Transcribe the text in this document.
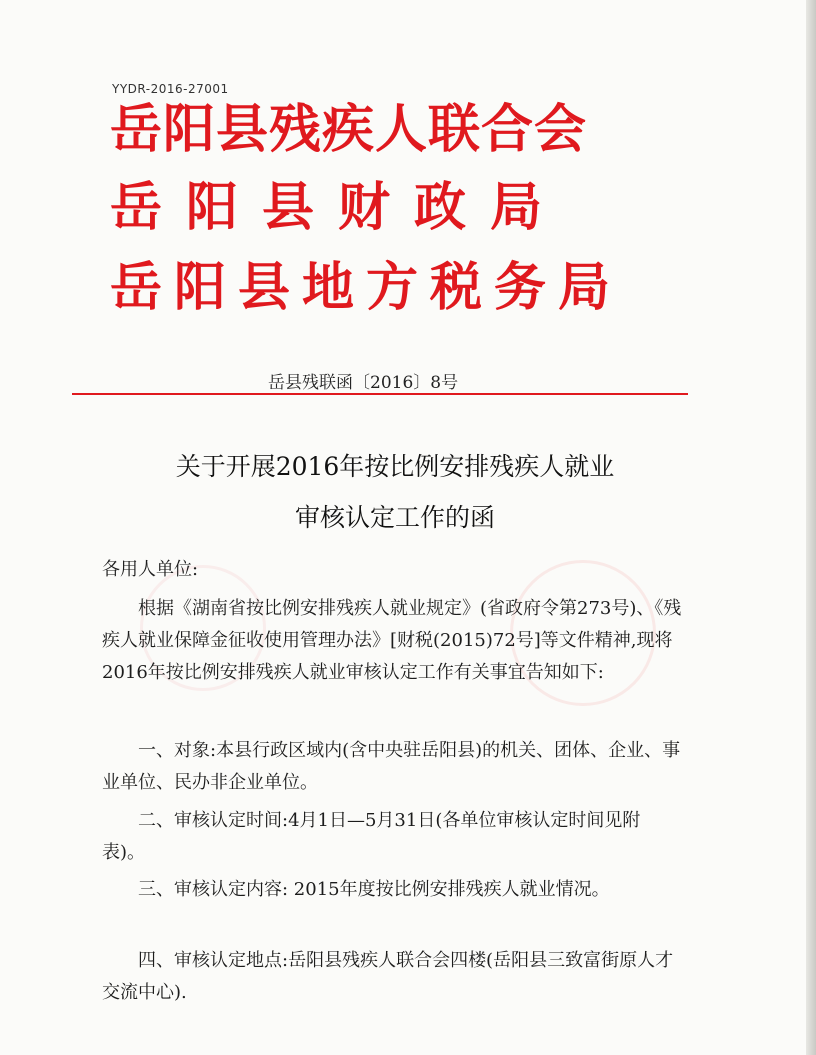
YYDR-2016-27001
岳阳县残疾人联合会
岳阳县财政局
岳阳县地方税务局
岳县残联函〔2016〕8号
关于开展2016年按比例安排残疾人就业
审核认定工作的函
各用人单位:
根据《湖南省按比例安排残疾人就业规定》(省政府令第273号)、《残疾人就业保障金征收使用管理办法》[财税(2015)72号]等文件精神,现将2016年按比例安排残疾人就业审核认定工作有关事宜告知如下:
一、对象:本县行政区域内(含中央驻岳阳县)的机关、团体、企业、事业单位、民办非企业单位。
二、审核认定时间:4月1日—5月31日(各单位审核认定时间见附表)。
三、审核认定内容: 2015年度按比例安排残疾人就业情况。
四、审核认定地点:岳阳县残疾人联合会四楼(岳阳县三致富街原人才交流中心).
